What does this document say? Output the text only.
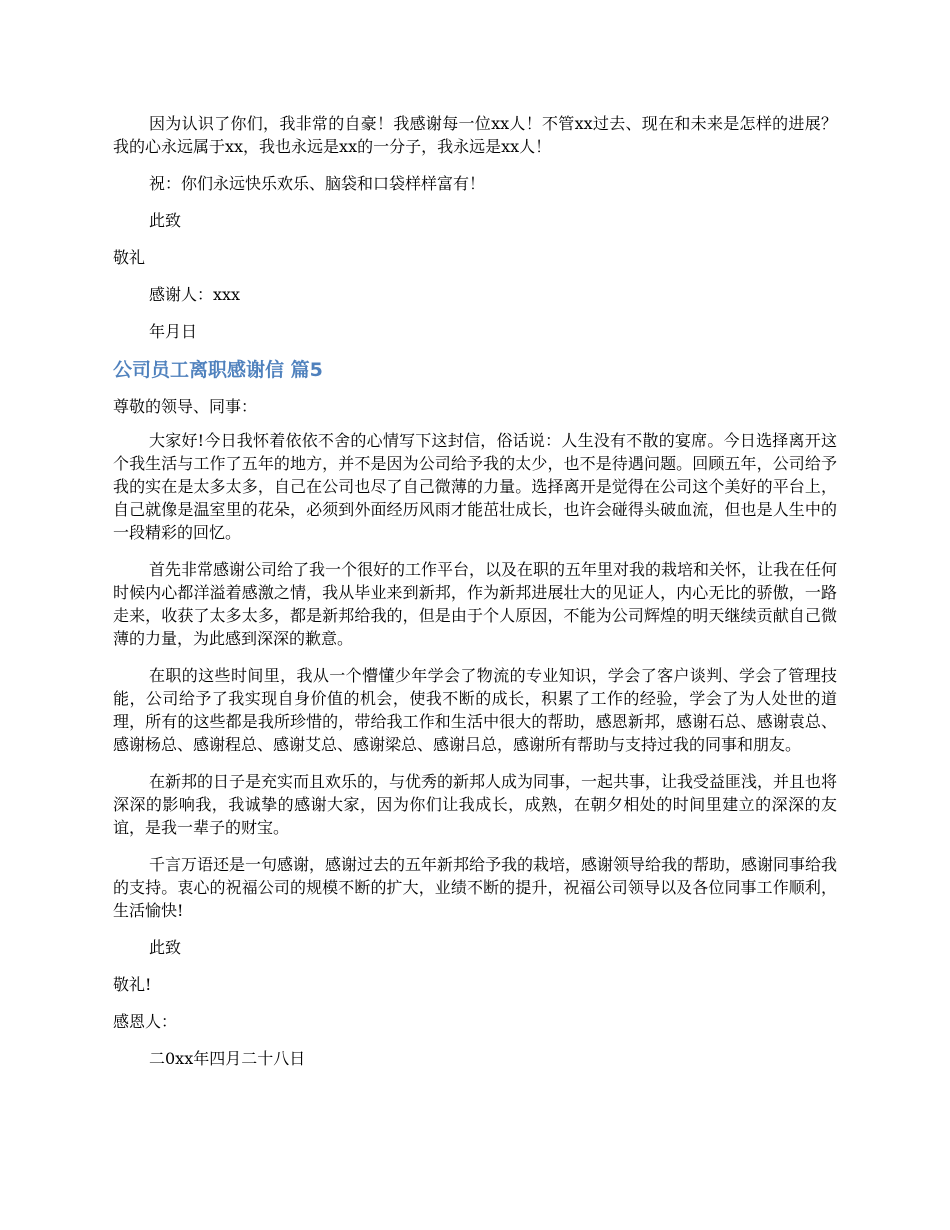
因为认识了你们，我非常的自豪！我感谢每一位xx人！不管xx过去、现在和未来是怎样的进展？我的心永远属于xx，我也永远是xx的一分子，我永远是xx人！

祝：你们永远快乐欢乐、脑袋和口袋样样富有！

此致

敬礼

感谢人：xxx

年月日

公司员工离职感谢信 篇5

尊敬的领导、同事：

大家好!今日我怀着依依不舍的心情写下这封信，俗话说：人生没有不散的宴席。今日选择离开这个我生活与工作了五年的地方，并不是因为公司给予我的太少，也不是待遇问题。回顾五年，公司给予我的实在是太多太多，自己在公司也尽了自己微薄的力量。选择离开是觉得在公司这个美好的平台上，自己就像是温室里的花朵，必须到外面经历风雨才能茁壮成长，也许会碰得头破血流，但也是人生中的一段精彩的回忆。

首先非常感谢公司给了我一个很好的工作平台，以及在职的五年里对我的栽培和关怀，让我在任何时候内心都洋溢着感激之情，我从毕业来到新邦，作为新邦进展壮大的见证人，内心无比的骄傲，一路走来，收获了太多太多，都是新邦给我的，但是由于个人原因，不能为公司辉煌的明天继续贡献自己微薄的力量，为此感到深深的歉意。

在职的这些时间里，我从一个懵懂少年学会了物流的专业知识，学会了客户谈判、学会了管理技能，公司给予了我实现自身价值的机会，使我不断的成长，积累了工作的经验，学会了为人处世的道理，所有的这些都是我所珍惜的，带给我工作和生活中很大的帮助，感恩新邦，感谢石总、感谢袁总、感谢杨总、感谢程总、感谢艾总、感谢梁总、感谢吕总，感谢所有帮助与支持过我的同事和朋友。

在新邦的日子是充实而且欢乐的，与优秀的新邦人成为同事，一起共事，让我受益匪浅，并且也将深深的影响我，我诚挚的感谢大家，因为你们让我成长，成熟，在朝夕相处的时间里建立的深深的友谊，是我一辈子的财宝。

千言万语还是一句感谢，感谢过去的五年新邦给予我的栽培，感谢领导给我的帮助，感谢同事给我的支持。衷心的祝福公司的规模不断的扩大，业绩不断的提升，祝福公司领导以及各位同事工作顺利，生活愉快!

此致

敬礼!

感恩人：

二0xx年四月二十八日
